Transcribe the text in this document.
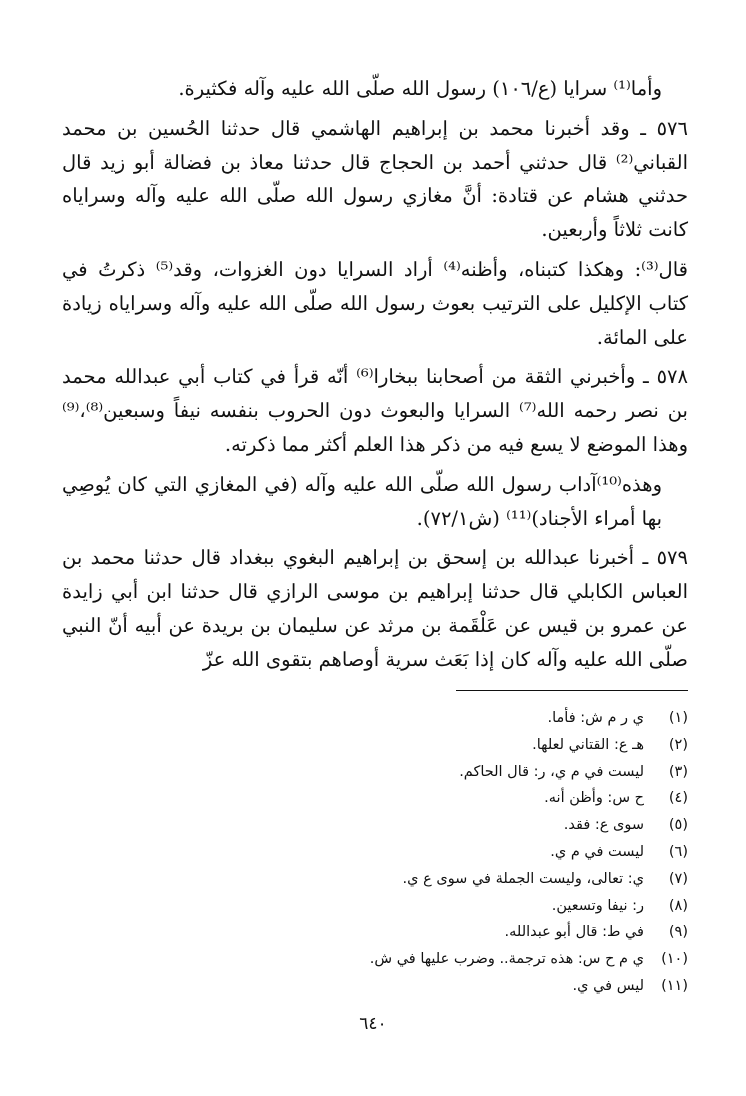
وأما⁽¹⁾ سرايا (ع/١٠٦) رسول الله صلّى الله عليه وآله فكثيرة.

٥٧٦ ـ وقد أخبرنا محمد بن إبراهيم الهاشمي قال حدثنا الحُسين بن محمد القباني⁽²⁾ قال حدثني أحمد بن الحجاج قال حدثنا معاذ بن فضالة أبو زيد قال حدثني هشام عن قتادة: أنَّ مغازي رسول الله صلّى الله عليه وآله وسراياه كانت ثلاثاً وأربعين.

قال⁽³⁾: وهكذا كتبناه، وأظنه⁽⁴⁾ أراد السرايا دون الغزوات، وقد⁽⁵⁾ ذكرتُ في كتاب الإكليل على الترتيب بعوث رسول الله صلّى الله عليه وآله وسراياه زيادة على المائة.

٥٧٨ ـ وأخبرني الثقة من أصحابنا ببخارا⁽⁶⁾ أنّه قرأ في كتاب أبي عبدالله محمد بن نصر رحمه الله⁽⁷⁾ السرايا والبعوث دون الحروب بنفسه نيفاً وسبعين⁽⁸⁾،⁽⁹⁾وهذا الموضع لا يسع فيه من ذكر هذا العلم أكثر مما ذكرته.

وهذه⁽¹⁰⁾آداب رسول الله صلّى الله عليه وآله (في المغازي التي كان يُوصِي بها أمراء الأجناد)⁽¹¹⁾ (ش٧٢/١).

٥٧٩ ـ أخبرنا عبدالله بن إسحق بن إبراهيم البغوي ببغداد قال حدثنا محمد بن العباس الكابلي قال حدثنا إبراهيم بن موسى الرازي قال حدثنا ابن أبي زايدة عن عمرو بن قيس عن عَلْقَمة بن مرثد عن سليمان بن بريدة عن أبيه أنّ النبي صلّى الله عليه وآله كان إذا بَعَث سرية أوصاهم بتقوى الله عزّ

(١)
ي ر م ش: فأما.
(٢)
هـ ع: القتاني لعلها.
(٣)
ليست في م ي، ر: قال الحاكم.
(٤)
ح س: وأظن أنه.
(٥)
سوى ع: فقد.
(٦)
ليست في م ي.
(٧)
ي: تعالى، وليست الجملة في سوى ع ي.
(٨)
ر: نيفا وتسعين.
(٩)
في ط: قال أبو عبدالله.
(١٠)
ي م ح س: هذه ترجمة.. وضرب عليها في ش.
(١١)
ليس في ي.
٦٤٠
